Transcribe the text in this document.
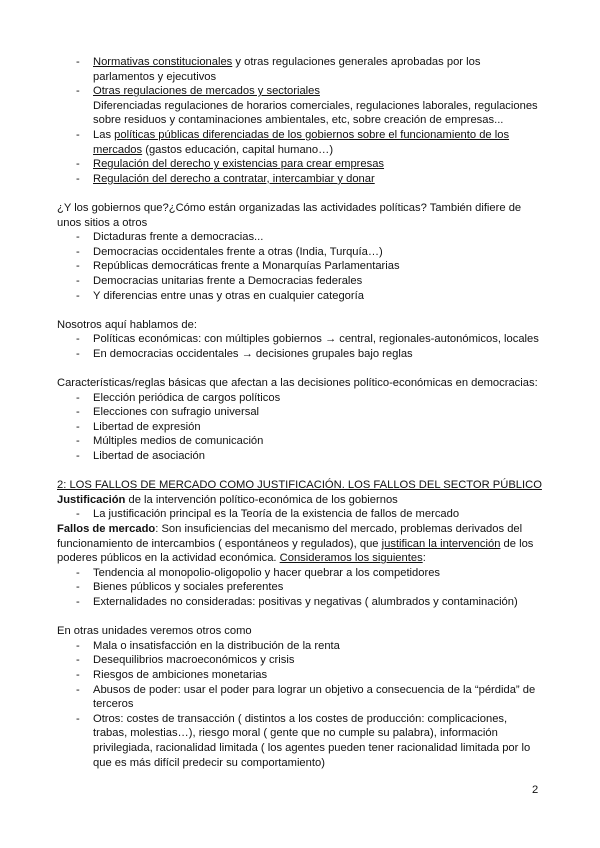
- Normativas constitucionales y otras regulaciones generales aprobadas por los parlamentos y ejecutivos
- Otras regulaciones de mercados y sectoriales
Diferenciadas regulaciones de horarios comerciales, regulaciones laborales, regulaciones sobre residuos y contaminaciones ambientales, etc, sobre creación de empresas...
- Las políticas públicas diferenciadas de los gobiernos sobre el funcionamiento de los mercados (gastos educación, capital humano…)
- Regulación del derecho y existencias para crear empresas
- Regulación del derecho a contratar, intercambiar y donar
¿Y los gobiernos que?¿Cómo están organizadas las actividades políticas? También difiere de unos sitios a otros
- Dictaduras frente a democracias...
- Democracias occidentales frente a otras (India, Turquía…)
- Repúblicas democráticas frente a Monarquías Parlamentarias
- Democracias unitarias frente a Democracias federales
- Y diferencias entre unas y otras en cualquier categoría
Nosotros aquí hablamos de:
- Políticas económicas: con múltiples gobiernos → central, regionales-autonómicos, locales
- En democracias occidentales → decisiones grupales bajo reglas
Características/reglas básicas que afectan a las decisiones político-económicas en democracias:
- Elección periódica de cargos políticos
- Elecciones con sufragio universal
- Libertad de expresión
- Múltiples medios de comunicación
- Libertad de asociación
2: LOS FALLOS DE MERCADO COMO JUSTIFICACIÓN. LOS FALLOS DEL SECTOR PÚBLICO
Justificación de la intervención político-económica de los gobiernos
- La justificación principal es la Teoría de la existencia de fallos de mercado
Fallos de mercado: Son insuficiencias del mecanismo del mercado, problemas derivados del funcionamiento de intercambios ( espontáneos y regulados), que justifican la intervención de los poderes públicos en la actividad económica. Consideramos los siguientes:
- Tendencia al monopolio-oligopolio y hacer quebrar a los competidores
- Bienes públicos y sociales preferentes
- Externalidades no consideradas: positivas y negativas ( alumbrados y contaminación)
En otras unidades veremos otros como
- Mala o insatisfacción en la distribución de la renta
- Desequilibrios macroeconómicos y crisis
- Riesgos de ambiciones monetarias
- Abusos de poder: usar el poder para lograr un objetivo a consecuencia de la “pérdida” de terceros
- Otros: costes de transacción ( distintos a los costes de producción: complicaciones, trabas, molestias…), riesgo moral ( gente que no cumple su palabra), información privilegiada, racionalidad limitada ( los agentes pueden tener racionalidad limitada por lo que es más difícil predecir su comportamiento)
2
